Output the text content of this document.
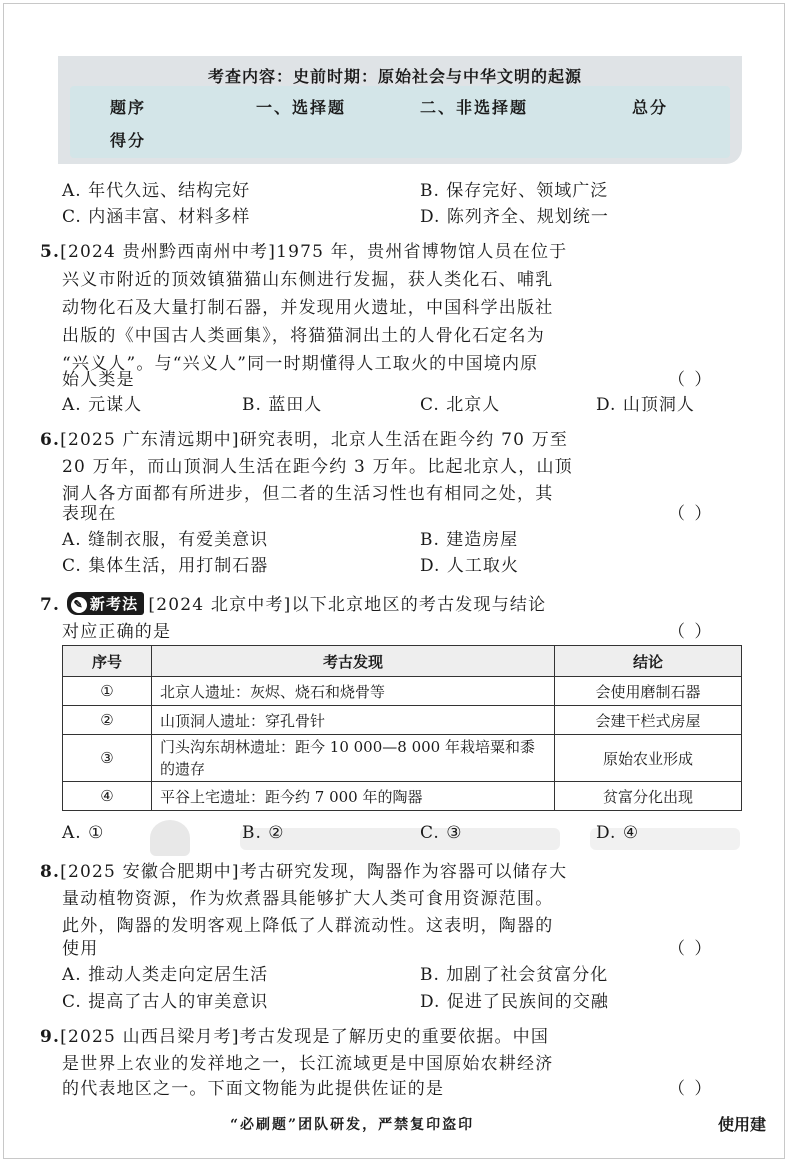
考查内容：史前时期：原始社会与中华文明的起源
题序	一、选择题	二、非选择题	总分
得分
A. 年代久远、结构完好	B. 保存完好、领域广泛
C. 内涵丰富、材料多样	D. 陈列齐全、规划统一
5.[2024 贵州黔西南州中考]1975 年，贵州省博物馆人员在位于
兴义市附近的顶效镇猫猫山东侧进行发掘，获人类化石、哺乳
动物化石及大量打制石器，并发现用火遗址，中国科学出版社
出版的《中国古人类画集》，将猫猫洞出土的人骨化石定名为
“兴义人”。与“兴义人”同一时期懂得人工取火的中国境内原
始人类是	（ ）
A. 元谋人	B. 蓝田人	C. 北京人	D. 山顶洞人
6.[2025 广东清远期中]研究表明，北京人生活在距今约 70 万至
20 万年，而山顶洞人生活在距今约 3 万年。比起北京人，山顶
洞人各方面都有所进步，但二者的生活习性也有相同之处，其
表现在	（ ）
A. 缝制衣服，有爱美意识	B. 建造房屋
C. 集体生活，用打制石器	D. 人工取火
7. ✎ 新考法 [2024 北京中考]以下北京地区的考古发现与结论
对应正确的是	（ ）
序号	考古发现	结论
①	北京人遗址：灰烬、烧石和烧骨等	会使用磨制石器
②	山顶洞人遗址：穿孔骨针	会建干栏式房屋
③	门头沟东胡林遗址：距今 10 000—8 000 年栽培粟和黍的遗存	原始农业形成
④	平谷上宅遗址：距今约 7 000 年的陶器	贫富分化出现
A. ①	B. ②	C. ③	D. ④
8.[2025 安徽合肥期中]考古研究发现，陶器作为容器可以储存大
量动植物资源，作为炊煮器具能够扩大人类可食用资源范围。
此外，陶器的发明客观上降低了人群流动性。这表明，陶器的
使用	（ ）
A. 推动人类走向定居生活	B. 加剧了社会贫富分化
C. 提高了古人的审美意识	D. 促进了民族间的交融
9.[2025 山西吕梁月考]考古发现是了解历史的重要依据。中国
是世界上农业的发祥地之一，长江流域更是中国原始农耕经济
的代表地区之一。下面文物能为此提供佐证的是	（ ）
“必刷题”团队研发，严禁复印盗印	使用建
